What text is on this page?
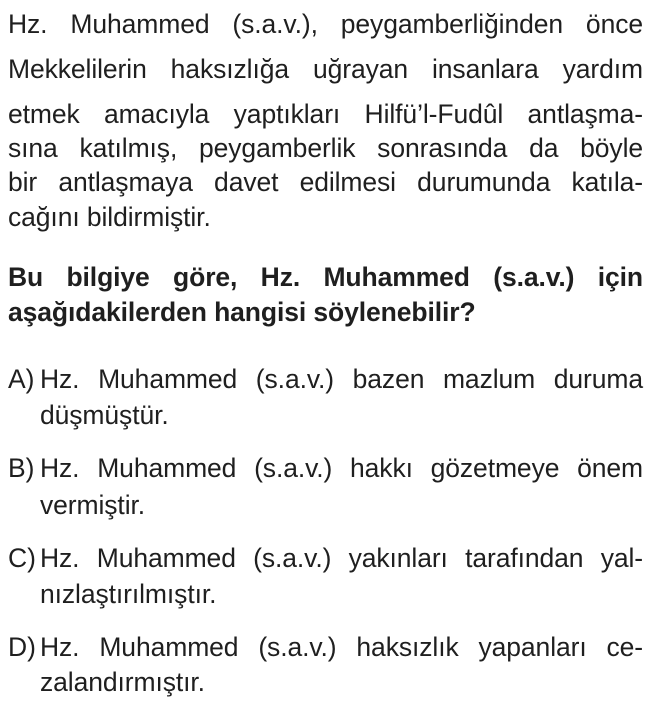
Hz. Muhammed (s.a.v.), peygamberliğinden önce
Mekkelilerin haksızlığa uğrayan insanlara yardım
etmek amacıyla yaptıkları Hilfü’l-Fudûl antlaşma-
sına katılmış, peygamberlik sonrasında da böyle
bir antlaşmaya davet edilmesi durumunda katıla-
cağını bildirmiştir.
Bu bilgiye göre, Hz. Muhammed (s.a.v.) için
aşağıdakilerden hangisi söylenebilir?
A) Hz. Muhammed (s.a.v.) bazen mazlum duruma
düşmüştür.
B) Hz. Muhammed (s.a.v.) hakkı gözetmeye önem
vermiştir.
C) Hz. Muhammed (s.a.v.) yakınları tarafından yal-
nızlaştırılmıştır.
D) Hz. Muhammed (s.a.v.) haksızlık yapanları ce-
zalandırmıştır.
